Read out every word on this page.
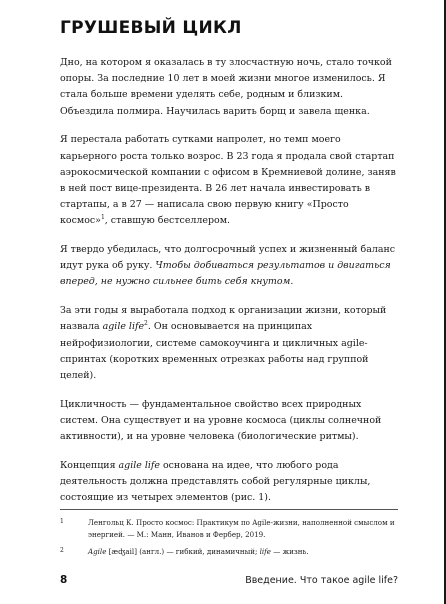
ГРУШЕВЫЙ ЦИКЛ

Дно, на котором я оказалась в ту злосчастную ночь, стало точкой опоры. За последние 10 лет в моей жизни многое изменилось. Я стала больше времени уделять себе, родным и близким. Объездила полмира. Научилась варить борщ и завела щенка.

Я перестала работать сутками напролет, но темп моего карьерного роста только возрос. В 23 года я продала свой стартап аэрокосмической компании с офисом в Кремниевой долине, заняв в ней пост вице-президента. В 26 лет начала инвестировать в стартапы, а в 27 — написала свою первую книгу «Просто космос»$^1$, ставшую бестселлером.

Я твердо убедилась, что долгосрочный успех и жизненный баланс идут рука об руку. Чтобы добиваться результатов и двигаться вперед, не нужно сильнее бить себя кнутом.

За эти годы я выработала подход к организации жизни, который назвала agile life$^2$. Он основывается на принципах нейрофизиологии, системе самокоучинга и цикличных agile-спринтах (коротких временных отрезках работы над группой целей).

Цикличность — фундаментальное свойство всех природных систем. Она существует и на уровне космоса (циклы солнечной активности), и на уровне человека (биологические ритмы).

Концепция agile life основана на идее, что любого рода деятельность должна представлять собой регулярные циклы, состоящие из четырех элементов (рис. 1).

1	Ленгольц К. Просто космос: Практикум по Agile-жизни, наполненной смыслом и энергией. — М.: Манн, Иванов и Фербер, 2019.

2	Agile [æʤail] (англ.) — гибкий, динамичный; life — жизнь.

8	Введение. Что такое agile life?
